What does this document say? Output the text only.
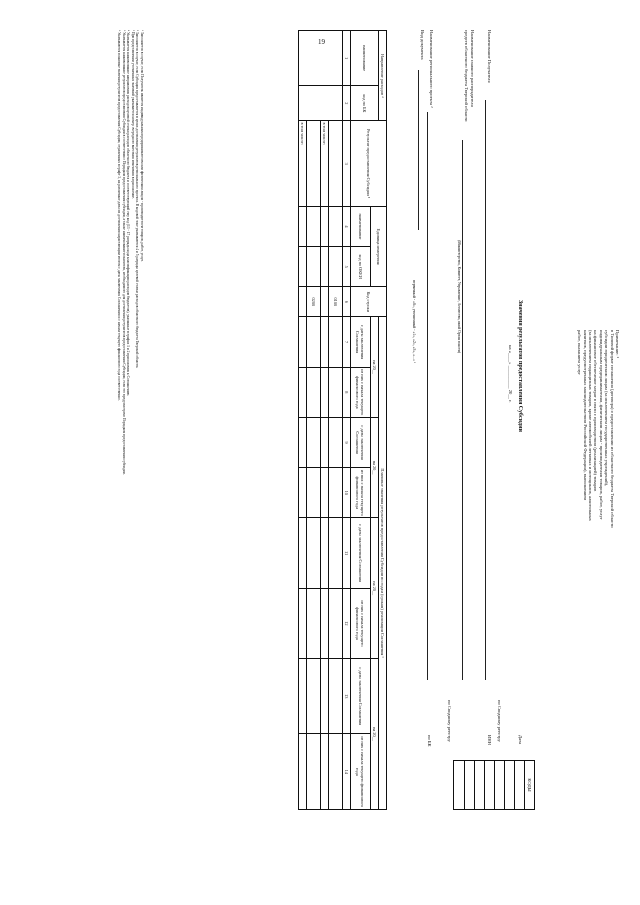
19
Примечание: ¹
в Типовой форме соглашения (договора) о предоставлении из областного бюджета Тверской области
субсидии юридическим лицам (за исключением государственных учреждений),
индивидуальным предпринимателям, физическим лицам - производителям товаров, работ, услуг
на финансовое обеспечение затрат в связи с производством (реализацией) товаров
(за исключением подакцизных товаров, кроме автомобилей легковых и мотоциклов, алкогольных
напитков, предусмотренных законодательством Российской Федерации), выполнением
работ, оказанием услуг
Значения результатов предоставления Субсидии
на «____» __________ 20__ г.
КОДЫ
Дата
по Сводному реестру
ИНН
по Сводному реестру
по БК
Наименование Получателя
Наименование главного распорядителя
средств областного бюджета Тверской области
(Министерство, Комитет, Управление, Агентство, иной Орган власти)
Наименование регионального проекта ²
Вид документа
первичный - «0», уточненный - «1», «2», «3», «...» ³
Направление расходов ⁴		Результат предоставления Субсидии ⁵	Единица измерения		Код строки	Плановые значения результатов предоставления Субсидии по годам (срокам) реализации Соглашения ⁶							
наименование	код по БК					на 20__		на 20__		на 20__		на 20__	
			наименование	код по ОКЕИ		с даты заключения Соглашения	из них с начала текущего финансового года	с даты заключения Соглашения	из них с начала текущего финансового года	с даты заключения Соглашения	из них с начала текущего финансового года	с даты заключения Соглашения	из них с начала текущего финансового года

1	2	3	4	5	6	7	8	9	10	11	12	13	14
					0100								
		в том числе:											
					0200								
		в том числе:											
¹ Заполняется в случае, если Получатель является индивидуальным предпринимателем или физическим лицом - производителем товаров, работ, услуг.
² Заполняется в случае, если Субсидия предоставляется в целях достижения результатов регионального проекта. В кодовой зоне указываются 4 и 5 разряды целевой статьи расходов областного бюджета Тверской области.
³ При представлении уточненных значений указывается номер очередного внесения изменения в приложение.
⁴ Указывается наименование направления расходов целевой статьи расходов областного бюджета и соответствующий ему код (13 - 17 разряды кода классификации расходов бюджетов), указанные в графах 1 и 2 приложения к Соглашению.
⁵ Указывается наименование результатов предоставления Субсидии в соответствии с Порядком предоставления субсидии, а также наименование показателя, необходимого для достижения результатов предоставления Субсидии, если это предусмотрено Порядком предоставления субсидии.
⁶ Указываются плановые значения результатов предоставления Субсидии, отраженных в графе 3, на различные даты их достижения нарастающим итогом с даты заключения Соглашения и с начала текущего финансового года соответственно.
